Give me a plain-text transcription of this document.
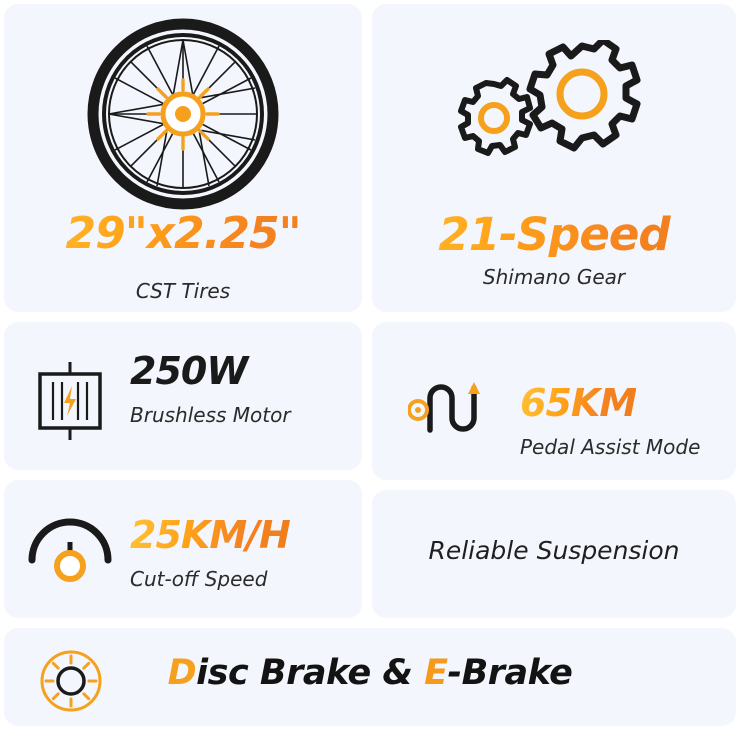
29"x2.25"
CST Tires
21-Speed
Shimano Gear
250W
Brushless Motor	65KM
Pedal Assist Mode
25KM/H
Cut-off Speed
Reliable Suspension
Disc Brake & E-Brake
